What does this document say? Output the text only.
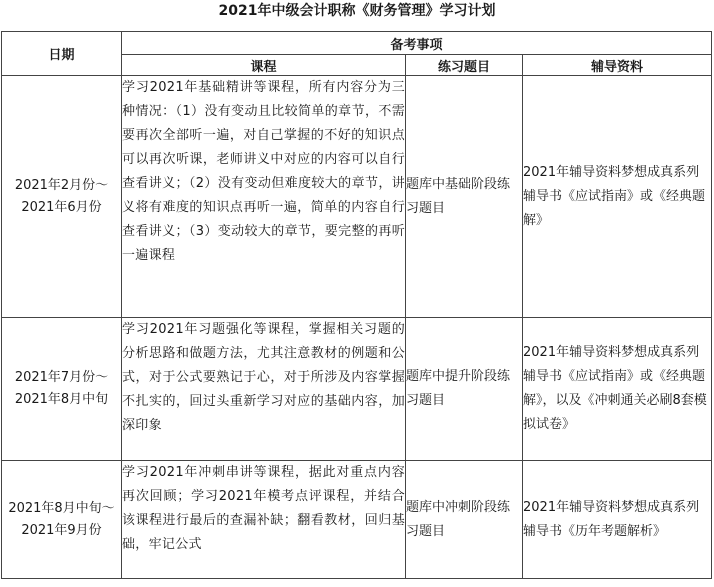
2021年中级会计职称《财务管理》学习计划
日期	备考事项		
	课程	练习题目	辅导资料
2021年2月份～2021年6月份	学习2021年基础精讲等课程，所有内容分为三种情况：（1）没有变动且比较简单的章节，不需要再次全部听一遍，对自己掌握的不好的知识点可以再次听课，老师讲义中对应的内容可以自行查看讲义；（2）没有变动但难度较大的章节，讲义将有难度的知识点再听一遍，简单的内容自行查看讲义；（3）变动较大的章节，要完整的再听一遍课程	题库中基础阶段练习题目	2021年辅导资料梦想成真系列辅导书《应试指南》或《经典题解》
2021年7月份～2021年8月中旬	学习2021年习题强化等课程，掌握相关习题的分析思路和做题方法，尤其注意教材的例题和公式，对于公式要熟记于心，对于所涉及内容掌握不扎实的，回过头重新学习对应的基础内容，加深印象	题库中提升阶段练习题目	2021年辅导资料梦想成真系列辅导书《应试指南》或《经典题解》，以及《冲刺通关必刷8套模拟试卷》
2021年8月中旬～2021年9月份	学习2021年冲刺串讲等课程，据此对重点内容再次回顾；学习2021年模考点评课程，并结合该课程进行最后的查漏补缺；翻看教材，回归基础，牢记公式	题库中冲刺阶段练习题目	2021年辅导资料梦想成真系列辅导书《历年考题解析》
